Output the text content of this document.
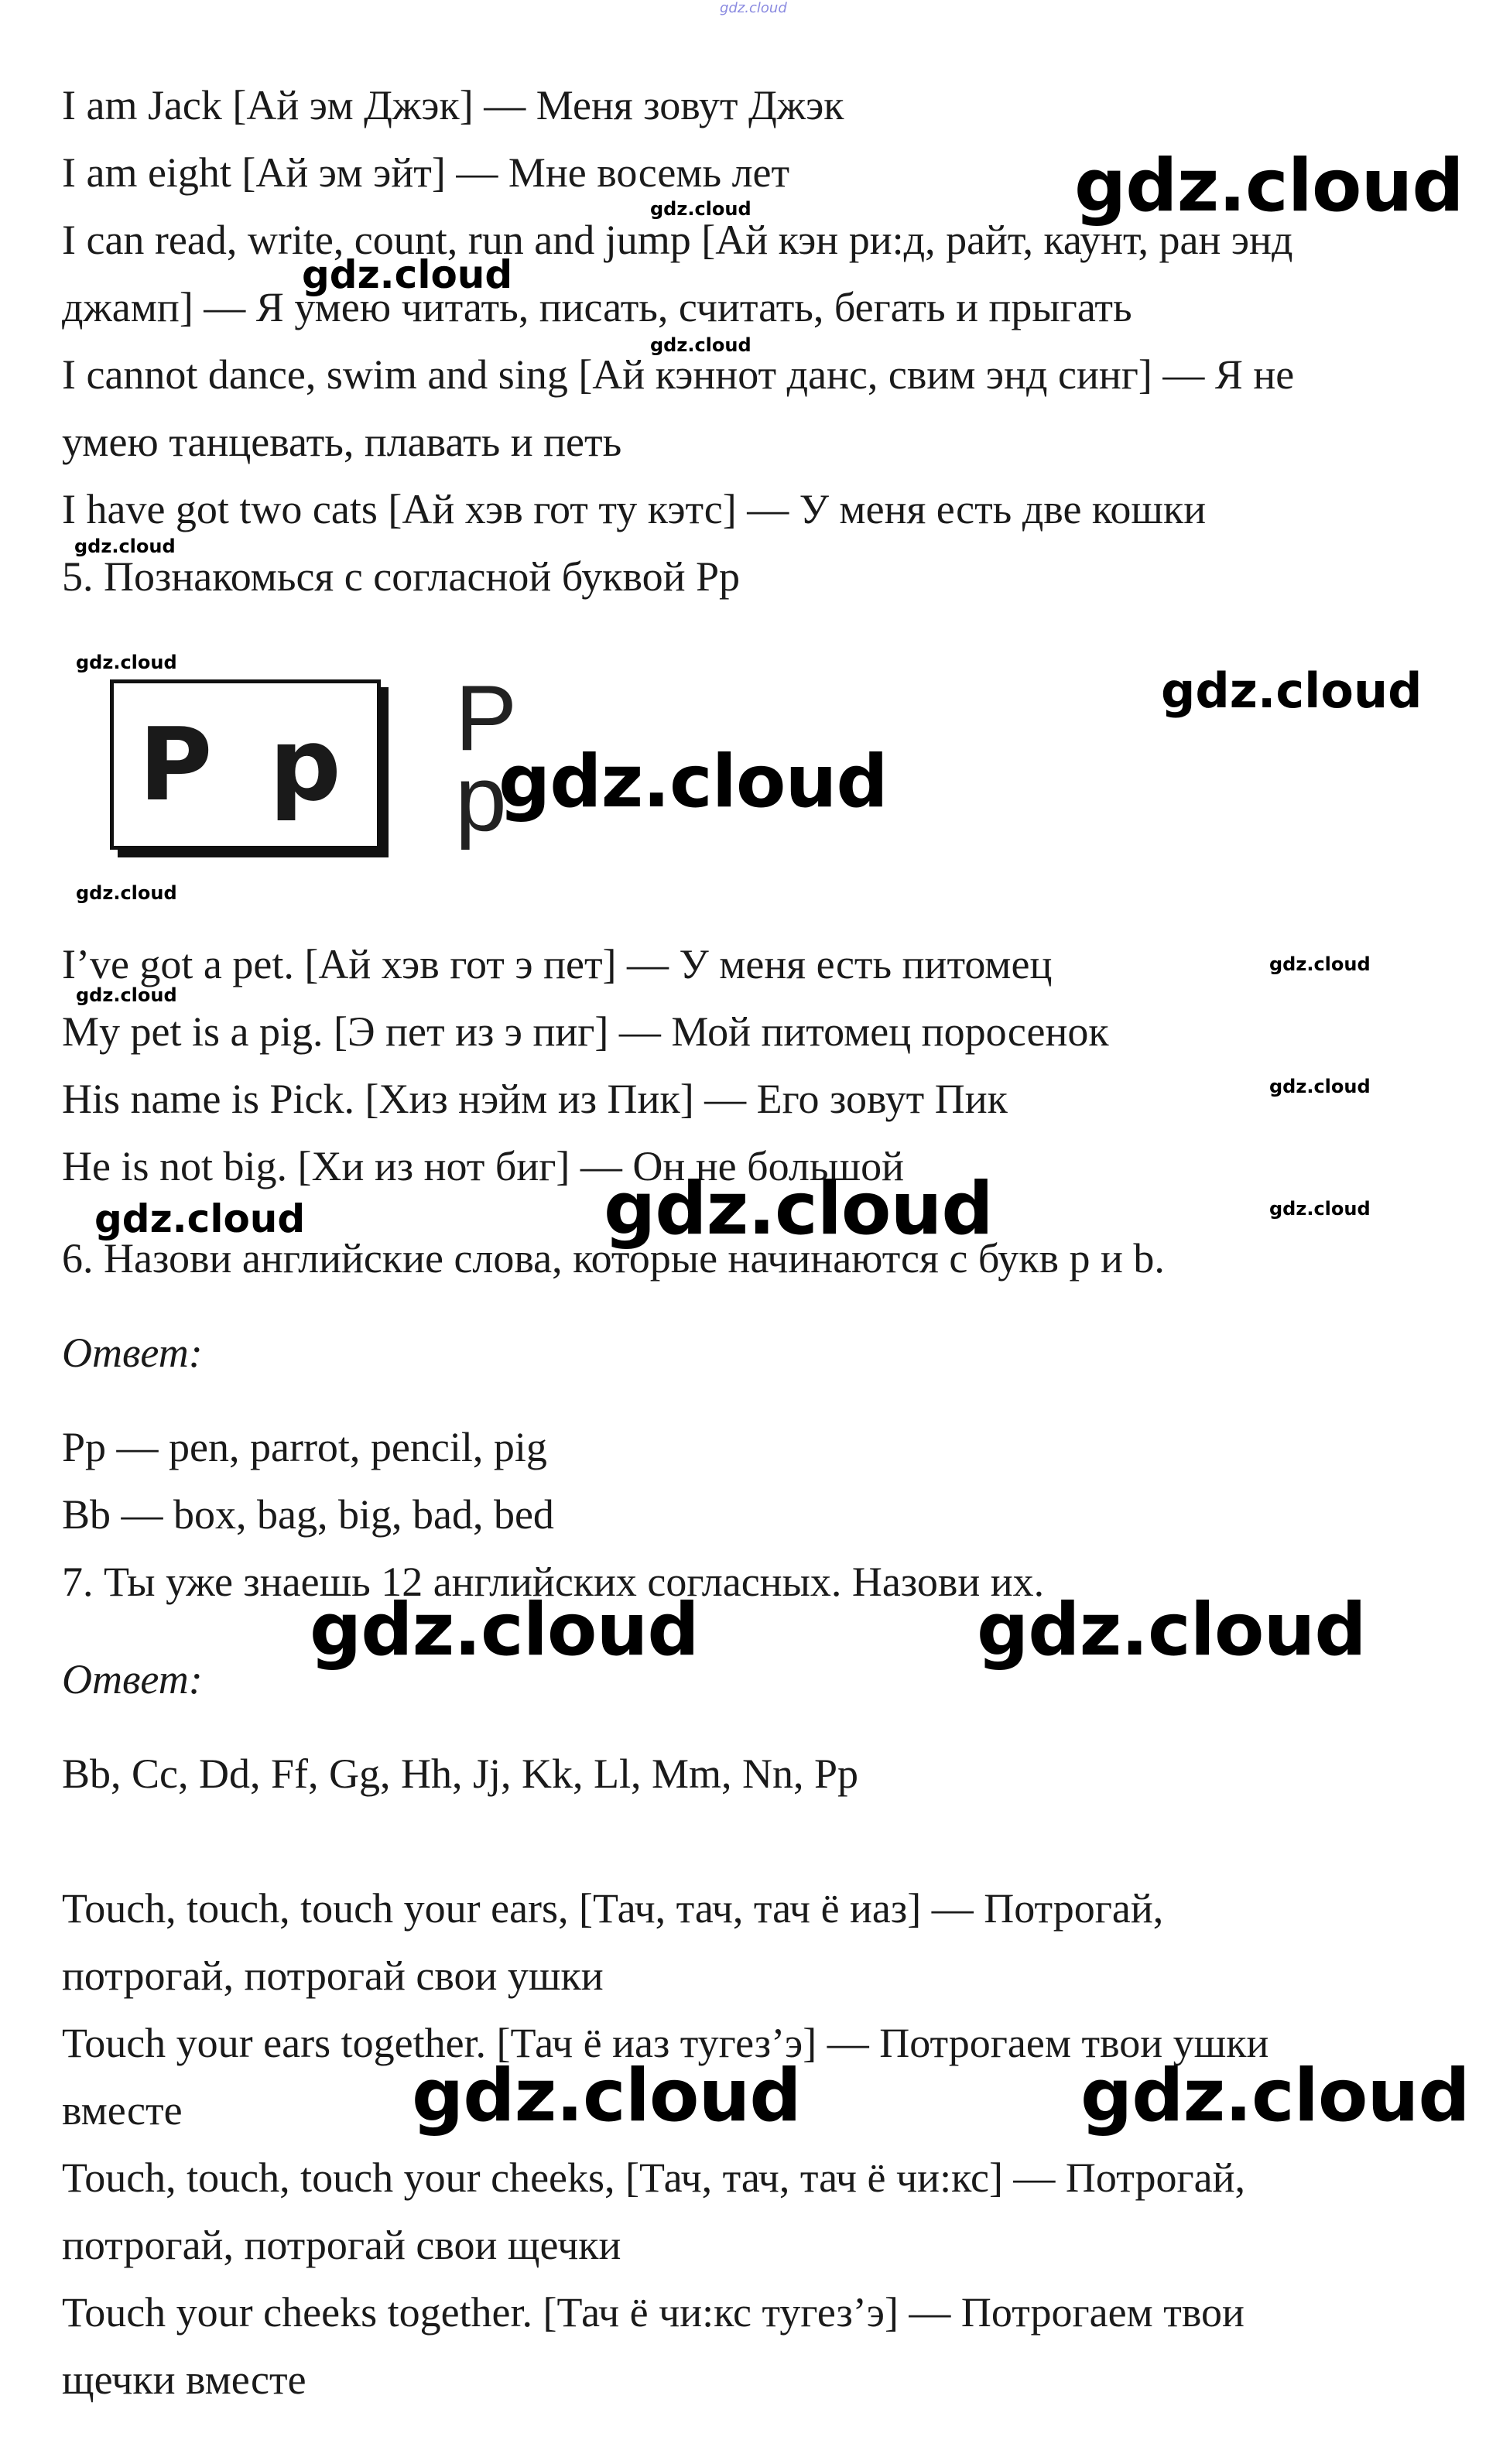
gdz.cloud
I am Jack [Ай эм Джэк] — Меня зовут Джэк
I am eight [Ай эм эйт] — Мне восемь лет
I can read, write, count, run and jump [Ай кэн ри:д, райт, каунт, ран энд
джамп] — Я умею читать, писать, считать, бегать и прыгать
I cannot dance, swim and sing [Ай кэннот данс, свим энд синг] — Я не
умею танцевать, плавать и петь
I have got two cats [Ай хэв гот ту кэтс] — У меня есть две кошки
5. Познакомься с согласной буквой Pp
P p P
p
I’ve got a pet. [Ай хэв гот э пет] — У меня есть питомец
My pet is a pig. [Э пет из э пиг] — Мой питомец поросенок
His name is Pick. [Хиз нэйм из Пик] — Его зовут Пик
He is not big. [Хи из нот биг] — Он не большой
6. Назови английские слова, которые начинаются с букв p и b.
Ответ:
Pp — pen, parrot, pencil, pig
Bb — box, bag, big, bad, bed
7. Ты уже знаешь 12 английских согласных. Назови их.
Ответ:
Bb, Cc, Dd, Ff, Gg, Hh, Jj, Kk, Ll, Mm, Nn, Pp
Touch, touch, touch your ears, [Тач, тач, тач ё иаз] — Потрогай,
потрогай, потрогай свои ушки
Touch your ears together. [Тач ё иаз тугез’э] — Потрогаем твои ушки
вместе
Touch, touch, touch your cheeks, [Тач, тач, тач ё чи:кс] — Потрогай,
потрогай, потрогай свои щечки
Touch your cheeks together. [Тач ё чи:кс тугез’э] — Потрогаем твои
щечки вместе
gdz.cloud
gdz.cloud
gdz.cloud
gdz.cloud
gdz.cloud
gdz.cloud	gdz.cloud
gdz.cloud
gdz.cloud
gdz.cloud
gdz.cloud
gdz.cloud
gdz.cloud
gdz.cloud	gdz.cloud
gdz.cloud	gdz.cloud
gdz.cloud	gdz.cloud
